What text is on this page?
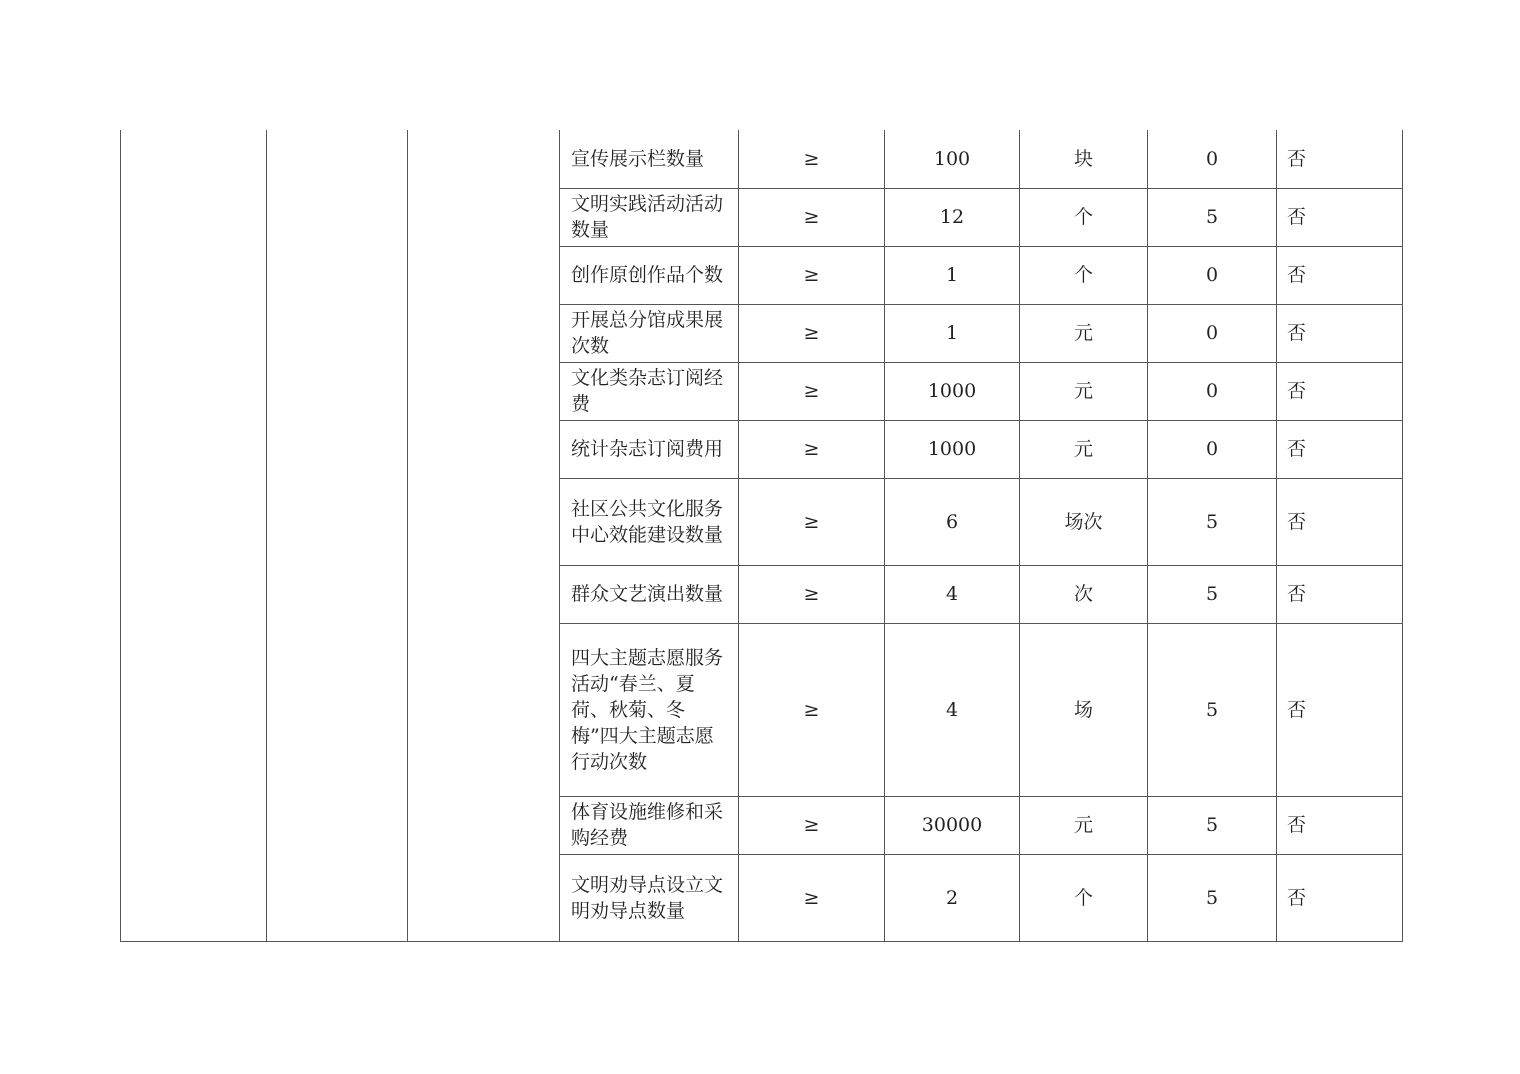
			宣传展示栏数量	≥	100	块	0	否
			文明实践活动活动数量	≥	12	个	5	否
			创作原创作品个数	≥	1	个	0	否
			开展总分馆成果展次数	≥	1	元	0	否
			文化类杂志订阅经费	≥	1000	元	0	否
			统计杂志订阅费用	≥	1000	元	0	否
			社区公共文化服务中心效能建设数量	≥	6	场次	5	否
			群众文艺演出数量	≥	4	次	5	否
			四大主题志愿服务活动“春兰、夏荷、秋菊、冬梅”四大主题志愿行动次数	≥	4	场	5	否
			体育设施维修和采购经费	≥	30000	元	5	否
			文明劝导点设立文明劝导点数量	≥	2	个	5	否
